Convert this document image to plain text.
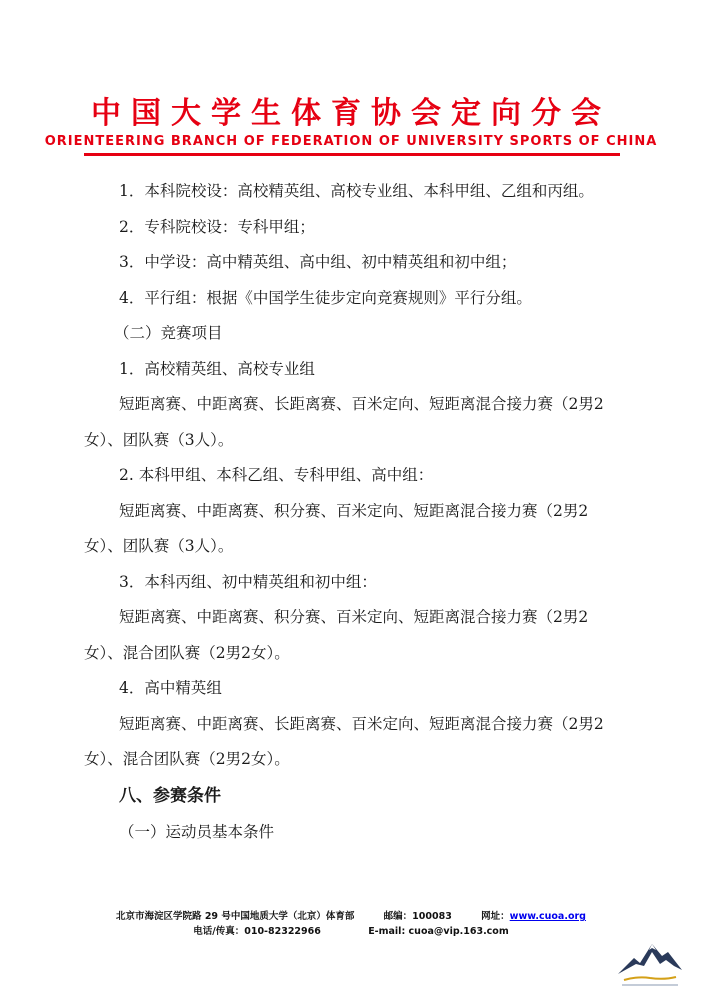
中国大学生体育协会定向分会
ORIENTEERING BRANCH OF FEDERATION OF UNIVERSITY SPORTS OF CHINA

1．本科院校设：高校精英组、高校专业组、本科甲组、乙组和丙组。

2．专科院校设：专科甲组；

3．中学设：高中精英组、高中组、初中精英组和初中组；

4．平行组：根据《中国学生徒步定向竞赛规则》平行分组。

（二）竞赛项目

1．高校精英组、高校专业组

短距离赛、中距离赛、长距离赛、百米定向、短距离混合接力赛（2男2女）、团队赛（3人）。

2. 本科甲组、本科乙组、专科甲组、高中组：

短距离赛、中距离赛、积分赛、百米定向、短距离混合接力赛（2男2女）、团队赛（3人）。

3．本科丙组、初中精英组和初中组：

短距离赛、中距离赛、积分赛、百米定向、短距离混合接力赛（2男2女）、混合团队赛（2男2女）。

4．高中精英组

短距离赛、中距离赛、长距离赛、百米定向、短距离混合接力赛（2男2女）、混合团队赛（2男2女）。

八、参赛条件

（一）运动员基本条件

北京市海淀区学院路 29 号中国地质大学（北京）体育部	邮编：100083	网址：www.cuoa.org
电话/传真：010-82322966	E-mail: cuoa@vip.163.com
